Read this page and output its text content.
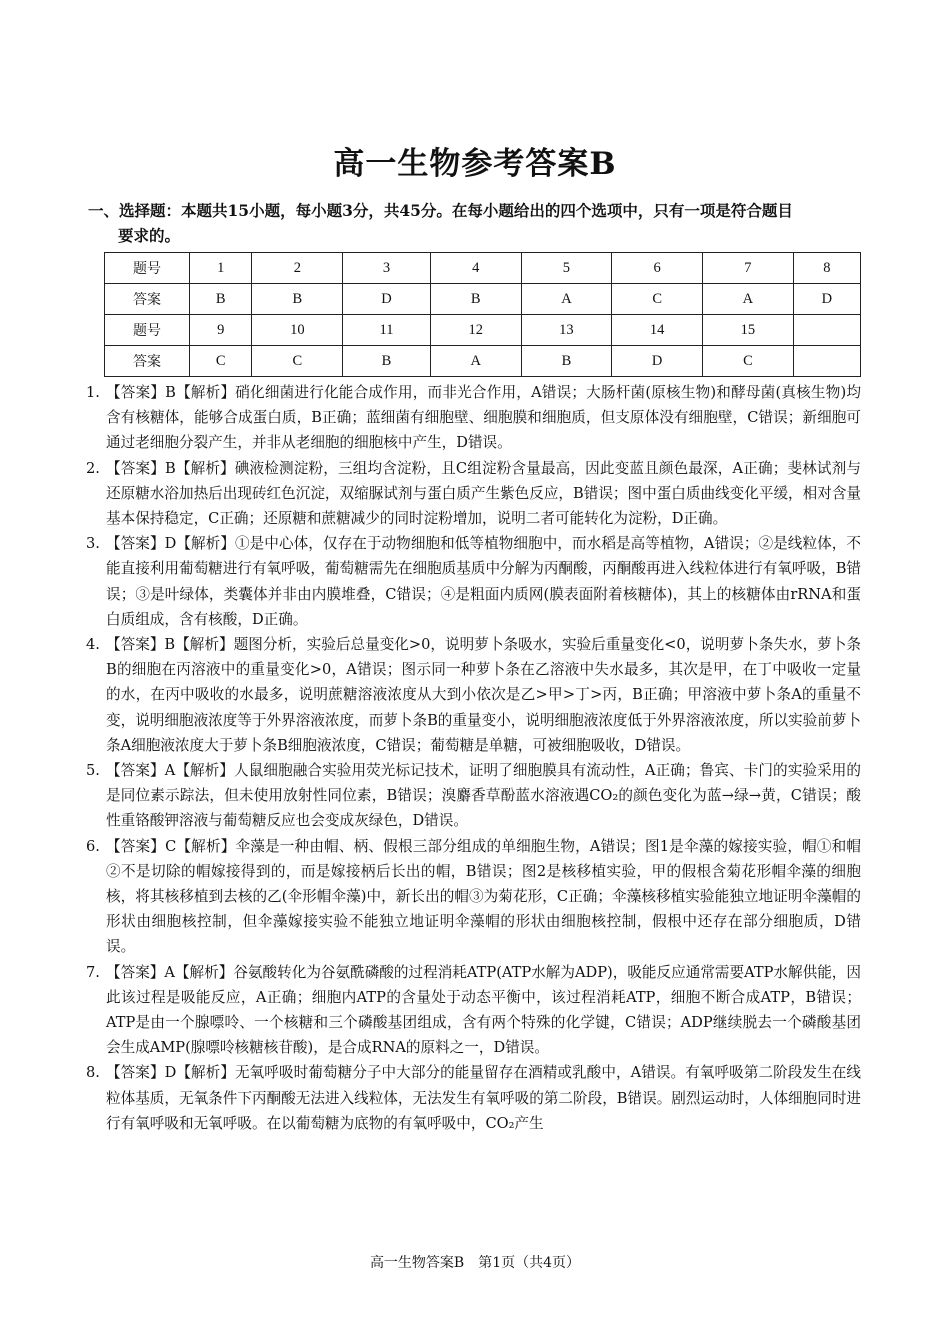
高一生物参考答案B
一、选择题：本题共15小题，每小题3分，共45分。在每小题给出的四个选项中，只有一项是符合题目
要求的。
题号	1	2	3	4	5	6	7	8
答案	B	B	D	B	A	C	A	D
题号	9	10	11	12	13	14	15	
答案	C	C	B	A	B	D	C	
1. 【答案】B【解析】硝化细菌进行化能合成作用，而非光合作用，A错误；大肠杆菌(原核生物)和酵母菌(真核生物)均含有核糖体，能够合成蛋白质，B正确；蓝细菌有细胞壁、细胞膜和细胞质，但支原体没有细胞壁，C错误；新细胞可通过老细胞分裂产生，并非从老细胞的细胞核中产生，D错误。
2. 【答案】B【解析】碘液检测淀粉，三组均含淀粉，且C组淀粉含量最高，因此变蓝且颜色最深，A正确；斐林试剂与还原糖水浴加热后出现砖红色沉淀，双缩脲试剂与蛋白质产生紫色反应，B错误；图中蛋白质曲线变化平缓，相对含量基本保持稳定，C正确；还原糖和蔗糖减少的同时淀粉增加，说明二者可能转化为淀粉，D正确。
3. 【答案】D【解析】①是中心体，仅存在于动物细胞和低等植物细胞中，而水稻是高等植物，A错误；②是线粒体，不能直接利用葡萄糖进行有氧呼吸，葡萄糖需先在细胞质基质中分解为丙酮酸，丙酮酸再进入线粒体进行有氧呼吸，B错误；③是叶绿体，类囊体并非由内膜堆叠，C错误；④是粗面内质网(膜表面附着核糖体)，其上的核糖体由rRNA和蛋白质组成，含有核酸，D正确。
4. 【答案】B【解析】题图分析，实验后总量变化>0，说明萝卜条吸水，实验后重量变化<0，说明萝卜条失水，萝卜条B的细胞在丙溶液中的重量变化>0，A错误；图示同一种萝卜条在乙溶液中失水最多，其次是甲，在丁中吸收一定量的水，在丙中吸收的水最多，说明蔗糖溶液浓度从大到小依次是乙>甲>丁>丙，B正确；甲溶液中萝卜条A的重量不变，说明细胞液浓度等于外界溶液浓度，而萝卜条B的重量变小，说明细胞液浓度低于外界溶液浓度，所以实验前萝卜条A细胞液浓度大于萝卜条B细胞液浓度，C错误；葡萄糖是单糖，可被细胞吸收，D错误。
5. 【答案】A【解析】人鼠细胞融合实验用荧光标记技术，证明了细胞膜具有流动性，A正确；鲁宾、卡门的实验采用的是同位素示踪法，但未使用放射性同位素，B错误；溴麝香草酚蓝水溶液遇CO₂的颜色变化为蓝→绿→黄，C错误；酸性重铬酸钾溶液与葡萄糖反应也会变成灰绿色，D错误。
6. 【答案】C【解析】伞藻是一种由帽、柄、假根三部分组成的单细胞生物，A错误；图1是伞藻的嫁接实验，帽①和帽②不是切除的帽嫁接得到的，而是嫁接柄后长出的帽，B错误；图2是核移植实验，甲的假根含菊花形帽伞藻的细胞核，将其核移植到去核的乙(伞形帽伞藻)中，新长出的帽③为菊花形，C正确；伞藻核移植实验能独立地证明伞藻帽的形状由细胞核控制，但伞藻嫁接实验不能独立地证明伞藻帽的形状由细胞核控制，假根中还存在部分细胞质，D错误。
7. 【答案】A【解析】谷氨酸转化为谷氨酰磷酸的过程消耗ATP(ATP水解为ADP)，吸能反应通常需要ATP水解供能，因此该过程是吸能反应，A正确；细胞内ATP的含量处于动态平衡中，该过程消耗ATP，细胞不断合成ATP，B错误；ATP是由一个腺嘌呤、一个核糖和三个磷酸基团组成，含有两个特殊的化学键，C错误；ADP继续脱去一个磷酸基团会生成AMP(腺嘌呤核糖核苷酸)，是合成RNA的原料之一，D错误。
8. 【答案】D【解析】无氧呼吸时葡萄糖分子中大部分的能量留存在酒精或乳酸中，A错误。有氧呼吸第二阶段发生在线粒体基质，无氧条件下丙酮酸无法进入线粒体，无法发生有氧呼吸的第二阶段，B错误。剧烈运动时，人体细胞同时进行有氧呼吸和无氧呼吸。在以葡萄糖为底物的有氧呼吸中，CO₂产生
高一生物答案B　第1页（共4页）
